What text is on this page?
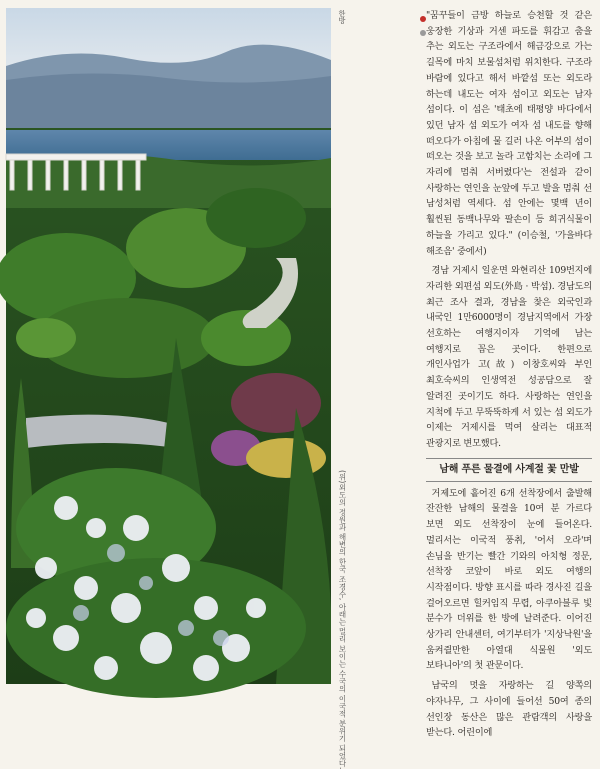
한방
(위)외도의 정원과 해변의 한국 조경수, 아래는 멀리 보이는 수국의 이국적 분위기 되었다.

"꿈꾸들이 금방 하늘로 승천할 것 같은 웅장한 기상과 거센 파도를 휘감고 춤을 추는 외도는 구조라에서 해금강으로 가는 길목에 마치 보물섬처럼 위치한다. 구조라 바람에 있다고 해서 바깥섬 또는 외도라 하는데 내도는 여자 섬이고 외도는 남자 섬이다. 이 섬은 '태초에 태평양 바다에서 있던 남자 섬 외도가 여자 섬 내도를 향해 떠오다가 아침에 물 길러 나온 어부의 섬이 떠오는 것을 보고 놀라 고함치는 소리에 그 자리에 멈춰 서버렸다'는 전설과 같이 사랑하는 연인을 눈앞에 두고 발을 멈춰 선 남성처럼 역세다. 섬 안에는 몇백 년이 훨씬된 동백나무와 팔손이 등 희귀식물이 하늘을 가리고 있다." (이승철, '가을바다 해조음' 중에서)

경남 거제시 일운면 와현리산 109번지에 자리한 외편섬 외도(外島 · 박섬). 경남도의 최근 조사 결과, 경남을 찾은 외국인과 내국인 1만6000명이 경남지역에서 가장 선호하는 여행지이자 기억에 남는 여행지로 꼽은 곳이다. 한편으로 개인사업가 고(故) 이창호씨와 부인 최호숙씨의 인생역전 성공담으로 잘 알려진 곳이기도 하다. 사랑하는 연인을 지척에 두고 무뚝뚝하게 서 있는 섬 외도가 이제는 거제시를 먹여 살리는 대표적 관광지로 변모했다.

남해 푸른 물결에 사계절 꽃 만발

거제도에 흩어진 6개 선착장에서 출발해 잔잔한 남해의 물결을 10여 분 가르다 보면 외도 선착장이 눈에 들어온다. 멀리서는 이국적 풍취, '어서 오라'며 손님을 반기는 빨간 기와의 아치형 정문, 선착장 코앞이 바로 외도 여행의 시작점이다. 방향 표시를 따라 경사진 길을 걸어오르면 힐커임직 무렵, 아쿠아블루 빛 분수가 더위를 한 방에 날려준다. 이어진 상가리 안내센터, 여기부터가 '지상낙원'을 움켜쥘만한 아열대 식물원 '외도 보타니아'의 첫 관문이다.

남국의 멋을 자랑하는 길 양쪽의 야자나무, 그 사이에 들어선 50여 종의 선인장 동산은 많은 관람객의 사랑을 받는다. 어린이에
